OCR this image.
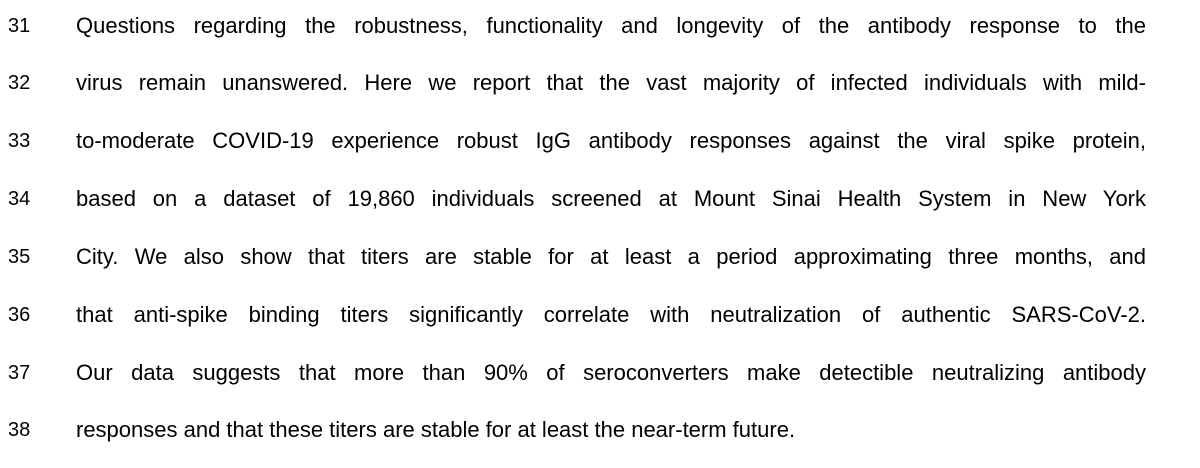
31	Questions regarding the robustness, functionality and longevity of the antibody response to the
32	virus remain unanswered. Here we report that the vast majority of infected individuals with mild-
33	to-moderate COVID-19 experience robust IgG antibody responses against the viral spike protein,
34	based on a dataset of 19,860 individuals screened at Mount Sinai Health System in New York
35	City. We also show that titers are stable for at least a period approximating three months, and
36	that anti-spike binding titers significantly correlate with neutralization of authentic SARS-CoV-2.
37	Our data suggests that more than 90% of seroconverters make detectible neutralizing antibody
38	responses and that these titers are stable for at least the near-term future.
